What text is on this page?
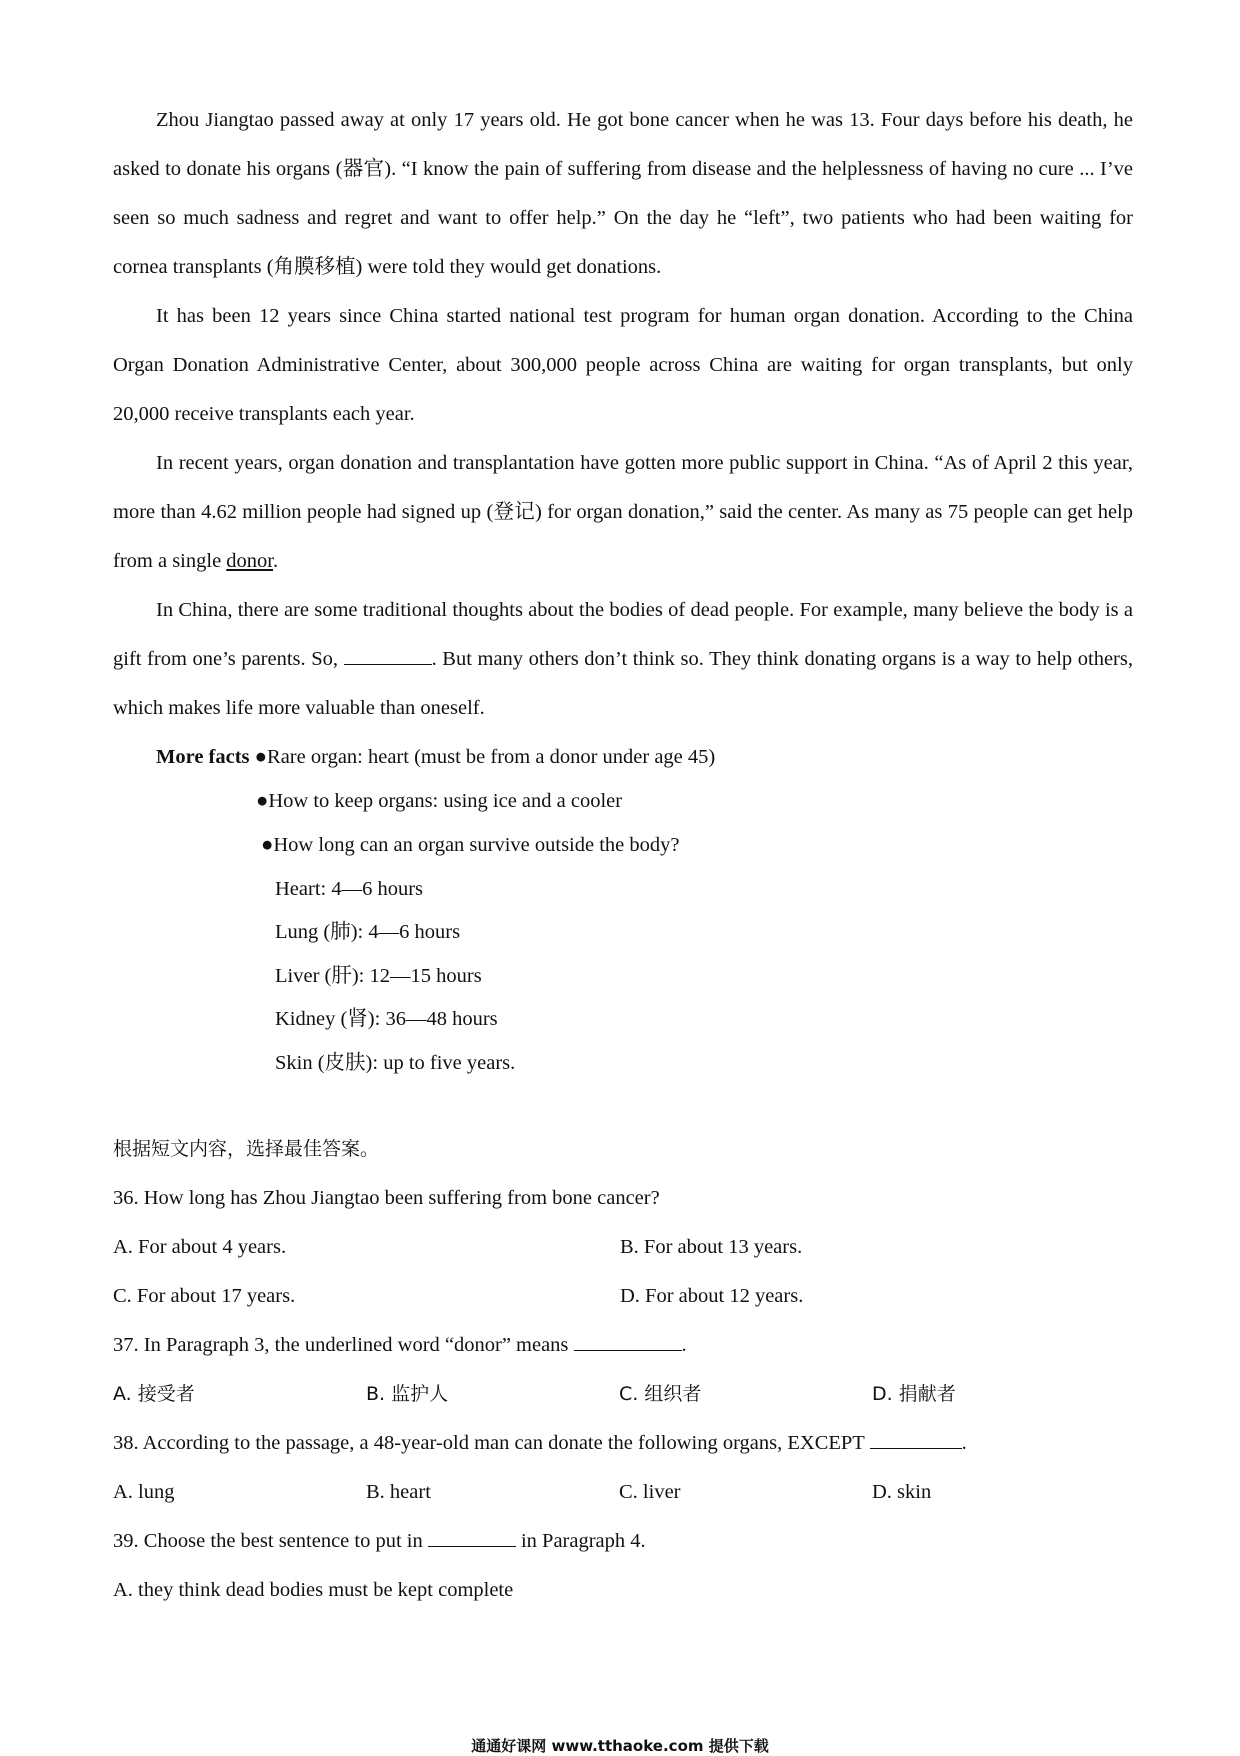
Zhou Jiangtao passed away at only 17 years old. He got bone cancer when he was 13. Four days before his death, he asked to donate his organs (器官). “I know the pain of suffering from disease and the helplessness of having no cure ... I’ve seen so much sadness and regret and want to offer help.” On the day he “left”, two patients who had been waiting for cornea transplants (角膜移植) were told they would get donations.

It has been 12 years since China started national test program for human organ donation. According to the China Organ Donation Administrative Center, about 300,000 people across China are waiting for organ transplants, but only 20,000 receive transplants each year.

In recent years, organ donation and transplantation have gotten more public support in China. “As of April 2 this year, more than 4.62 million people had signed up (登记) for organ donation,” said the center. As many as 75 people can get help from a single donor.

In China, there are some traditional thoughts about the bodies of dead people. For example, many believe the body is a gift from one’s parents. So,	. But many others don’t think so. They think donating organs is a way to help others, which makes life more valuable than oneself.

More facts ●Rare organ: heart (must be from a donor under age 45)
●How to keep organs: using ice and a cooler
●How long can an organ survive outside the body?
Heart: 4—6 hours
Lung (肺): 4—6 hours
Liver (肝): 12—15 hours
Kidney (肾): 36—48 hours
Skin (皮肤): up to five years.

根据短文内容，选择最佳答案。

36. How long has Zhou Jiangtao been suffering from bone cancer?

A. For about 4 years.	B. For about 13 years.
C. For about 17 years.	D. For about 12 years.

37. In Paragraph 3, the underlined word “donor” means	.

A. 接受者	B. 监护人	C. 组织者	D. 捐献者

38. According to the passage, a 48-year-old man can donate the following organs, EXCEPT	.

A. lung	B. heart	C. liver	D. skin

39. Choose the best sentence to put in	in Paragraph 4.

A. they think dead bodies must be kept complete

通通好课网 www.tthaoke.com 提供下载
